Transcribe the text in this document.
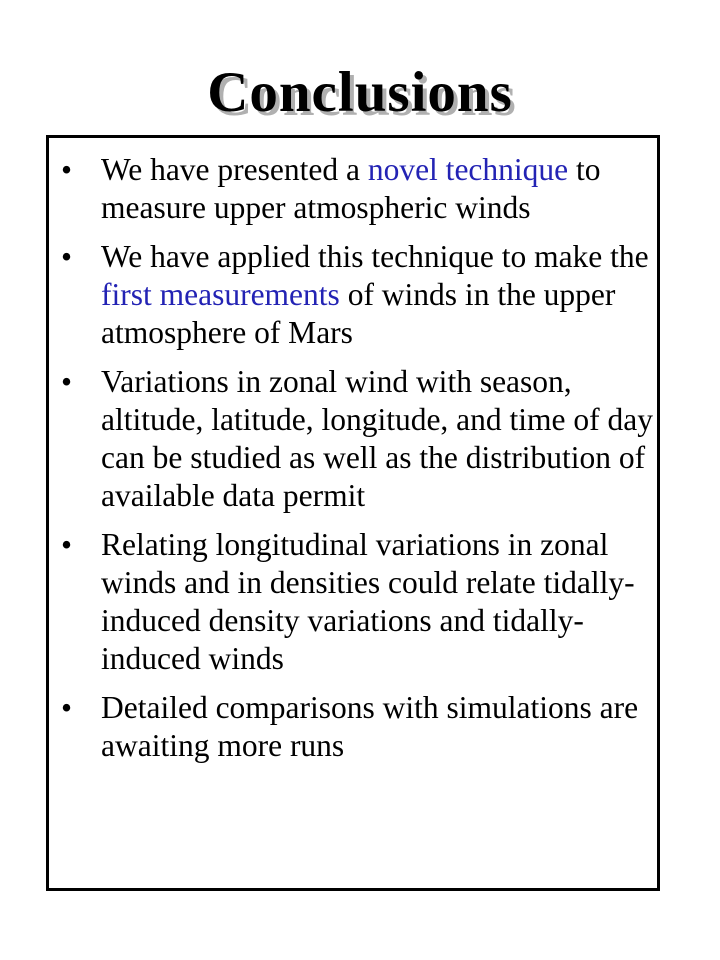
Conclusions
• We have presented a novel technique to measure upper atmospheric winds
• We have applied this technique to make the first measurements of winds in the upper atmosphere of Mars
• Variations in zonal wind with season, altitude, latitude, longitude, and time of day can be studied as well as the distribution of available data permit
• Relating longitudinal variations in zonal winds and in densities could relate tidally-induced density variations and tidally-induced winds
• Detailed comparisons with simulations are awaiting more runs
